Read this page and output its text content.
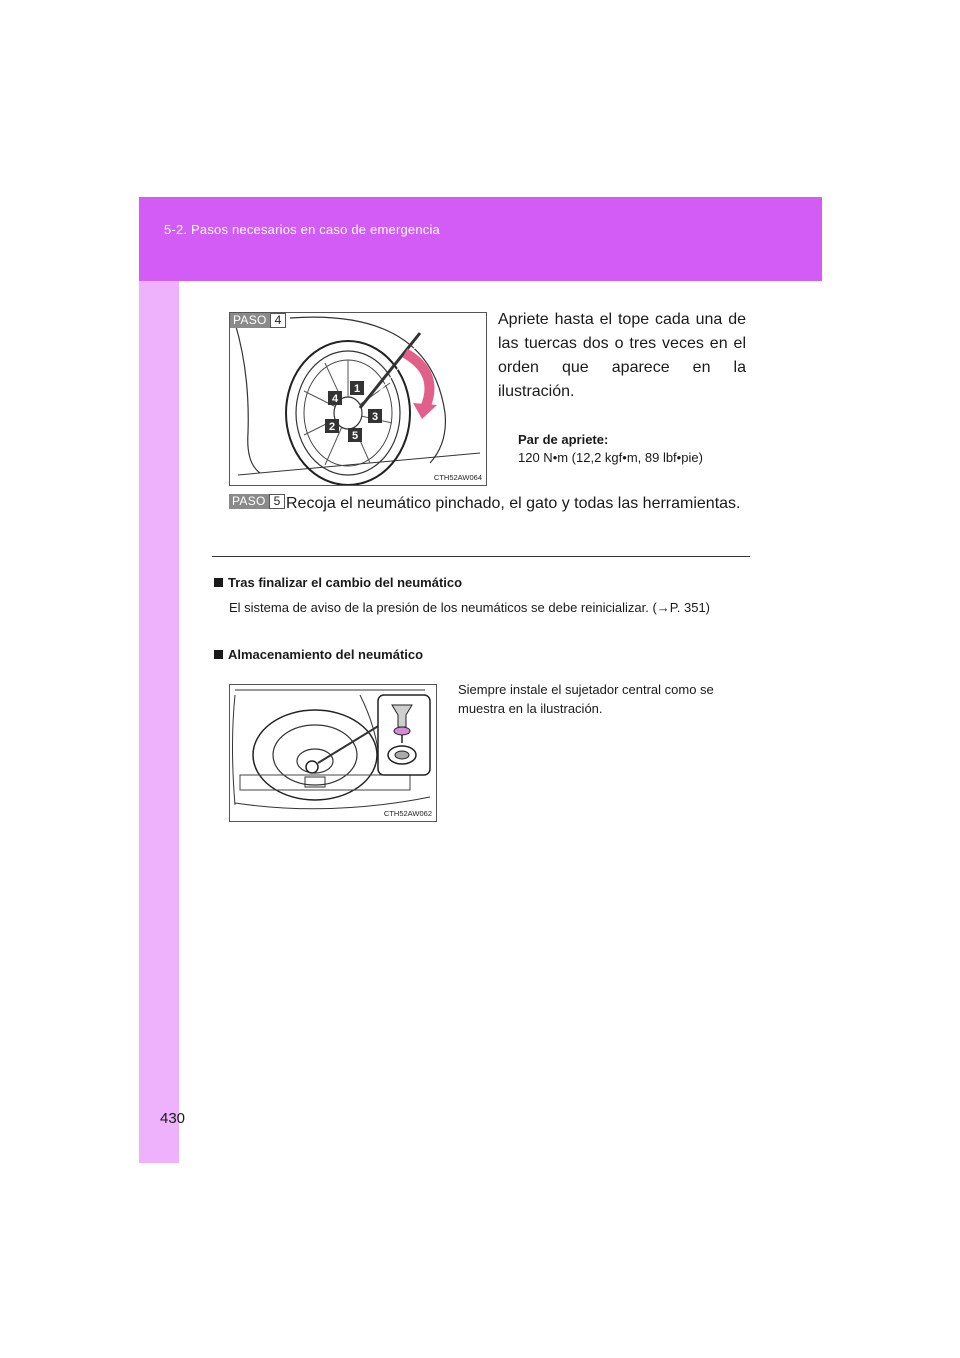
5-2. Pasos necesarios en caso de emergencia
1
2
3
4
5
CTH52AW064
PASO 4	Apriete hasta el tope cada una de las tuercas dos o tres veces en el orden que aparece en la ilustración.
Par de apriete:
120 N•m (12,2 kgf•m, 89 lbf•pie)
PASO 5 Recoja el neumático pinchado, el gato y todas las herramientas.
Tras finalizar el cambio del neumático
El sistema de aviso de la presión de los neumáticos se debe reinicializar. (→P. 351)
Almacenamiento del neumático
CTH52AW062
Siempre instale el sujetador central como se muestra en la ilustración.
430
